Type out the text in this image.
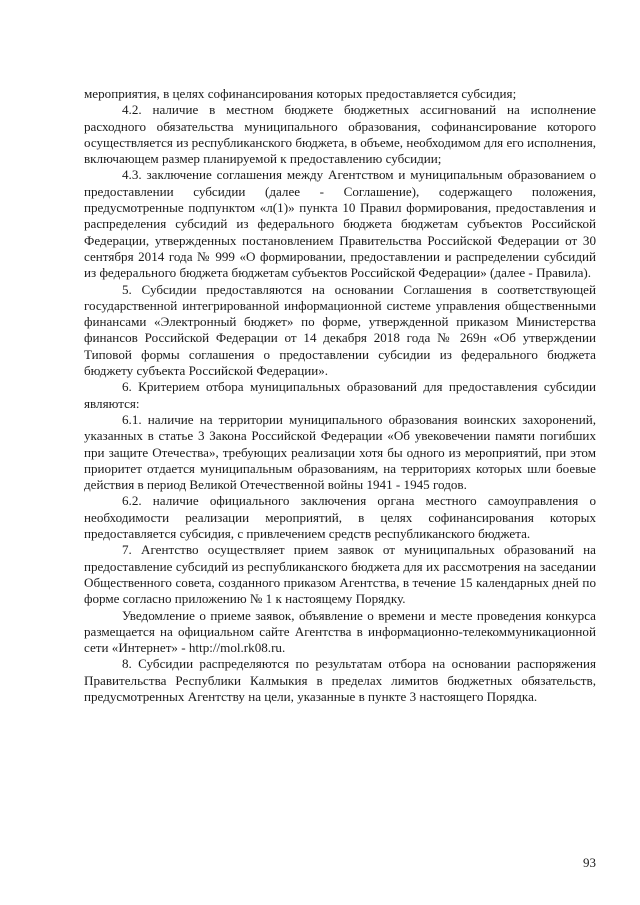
мероприятия, в целях софинансирования которых предоставляется субсидия;

4.2. наличие в местном бюджете бюджетных ассигнований на исполнение расходного обязательства муниципального образования, софинансирование которого осуществляется из республиканского бюджета, в объеме, необходимом для его исполнения, включающем размер планируемой к предоставлению субсидии;

4.3. заключение соглашения между Агентством и муниципальным образованием о предоставлении субсидии (далее - Соглашение), содержащего положения, предусмотренные подпунктом «л(1)» пункта 10 Правил формирования, предоставления и распределения субсидий из федерального бюджета бюджетам субъектов Российской Федерации, утвержденных постановлением Правительства Российской Федерации от 30 сентября 2014 года № 999 «О формировании, предоставлении и распределении субсидий из федерального бюджета бюджетам субъектов Российской Федерации» (далее - Правила).

5. Субсидии предоставляются на основании Соглашения в соответствующей государственной интегрированной информационной системе управления общественными финансами «Электронный бюджет» по форме, утвержденной приказом Министерства финансов Российской Федерации от 14 декабря 2018 года № 269н «Об утверждении Типовой формы соглашения о предоставлении субсидии из федерального бюджета бюджету субъекта Российской Федерации».

6. Критерием отбора муниципальных образований для предоставления субсидии являются:

6.1. наличие на территории муниципального образования воинских захоронений, указанных в статье 3 Закона Российской Федерации «Об увековечении памяти погибших при защите Отечества», требующих реализации хотя бы одного из мероприятий, при этом приоритет отдается муниципальным образованиям, на территориях которых шли боевые действия в период Великой Отечественной войны 1941 - 1945 годов.

6.2. наличие официального заключения органа местного самоуправления о необходимости реализации мероприятий, в целях софинансирования которых предоставляется субсидия, с привлечением средств республиканского бюджета.

7. Агентство осуществляет прием заявок от муниципальных образований на предоставление субсидий из республиканского бюджета для их рассмотрения на заседании Общественного совета, созданного приказом Агентства, в течение 15 календарных дней по форме согласно приложению № 1 к настоящему Порядку.

Уведомление о приеме заявок, объявление о времени и месте проведения конкурса размещается на официальном сайте Агентства в информационно-телекоммуникационной сети «Интернет» - http://mol.rk08.ru.

8. Субсидии распределяются по результатам отбора на основании распоряжения Правительства Республики Калмыкия в пределах лимитов бюджетных обязательств, предусмотренных Агентству на цели, указанные в пункте 3 настоящего Порядка.

93
